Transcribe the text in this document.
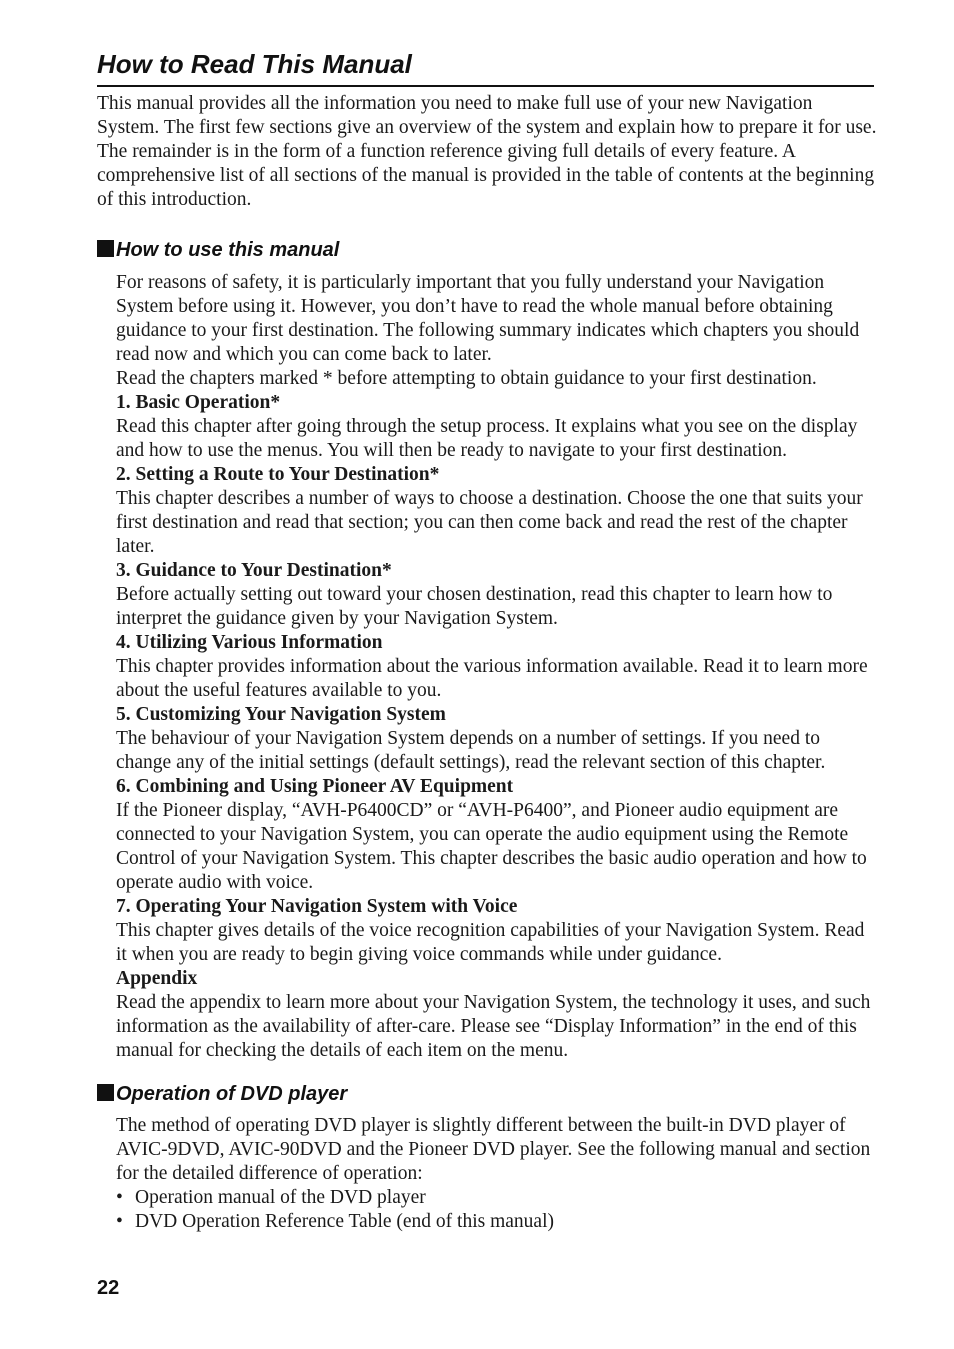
How to Read This Manual

This manual provides all the information you need to make full use of your new Navigation System. The first few sections give an overview of the system and explain how to prepare it for use. The remainder is in the form of a function reference giving full details of every feature. A comprehensive list of all sections of the manual is provided in the table of contents at the beginning of this introduction.

How to use this manual

For reasons of safety, it is particularly important that you fully understand your Navigation System before using it. However, you don’t have to read the whole manual before obtaining guidance to your first destination. The following summary indicates which chapters you should read now and which you can come back to later.

Read the chapters marked * before attempting to obtain guidance to your first destination.

1. Basic Operation*

Read this chapter after going through the setup process. It explains what you see on the display and how to use the menus. You will then be ready to navigate to your first destination.

2. Setting a Route to Your Destination*

This chapter describes a number of ways to choose a destination. Choose the one that suits your first destination and read that section; you can then come back and read the rest of the chapter later.

3. Guidance to Your Destination*

Before actually setting out toward your chosen destination, read this chapter to learn how to interpret the guidance given by your Navigation System.

4. Utilizing Various Information

This chapter provides information about the various information available. Read it to learn more about the useful features available to you.

5. Customizing Your Navigation System

The behaviour of your Navigation System depends on a number of settings. If you need to change any of the initial settings (default settings), read the relevant section of this chapter.

6. Combining and Using Pioneer AV Equipment

If the Pioneer display, “AVH-P6400CD” or “AVH-P6400”, and Pioneer audio equipment are connected to your Navigation System, you can operate the audio equipment using the Remote Control of your Navigation System. This chapter describes the basic audio operation and how to operate audio with voice.

7. Operating Your Navigation System with Voice

This chapter gives details of the voice recognition capabilities of your Navigation System. Read it when you are ready to begin giving voice commands while under guidance.

Appendix

Read the appendix to learn more about your Navigation System, the technology it uses, and such information as the availability of after-care. Please see “Display Information” in the end of this manual for checking the details of each item on the menu.

Operation of DVD player

The method of operating DVD player is slightly different between the built-in DVD player of AVIC-9DVD, AVIC-90DVD and the Pioneer DVD player. See the following manual and section for the detailed difference of operation:

• Operation manual of the DVD player
• DVD Operation Reference Table (end of this manual)
22
